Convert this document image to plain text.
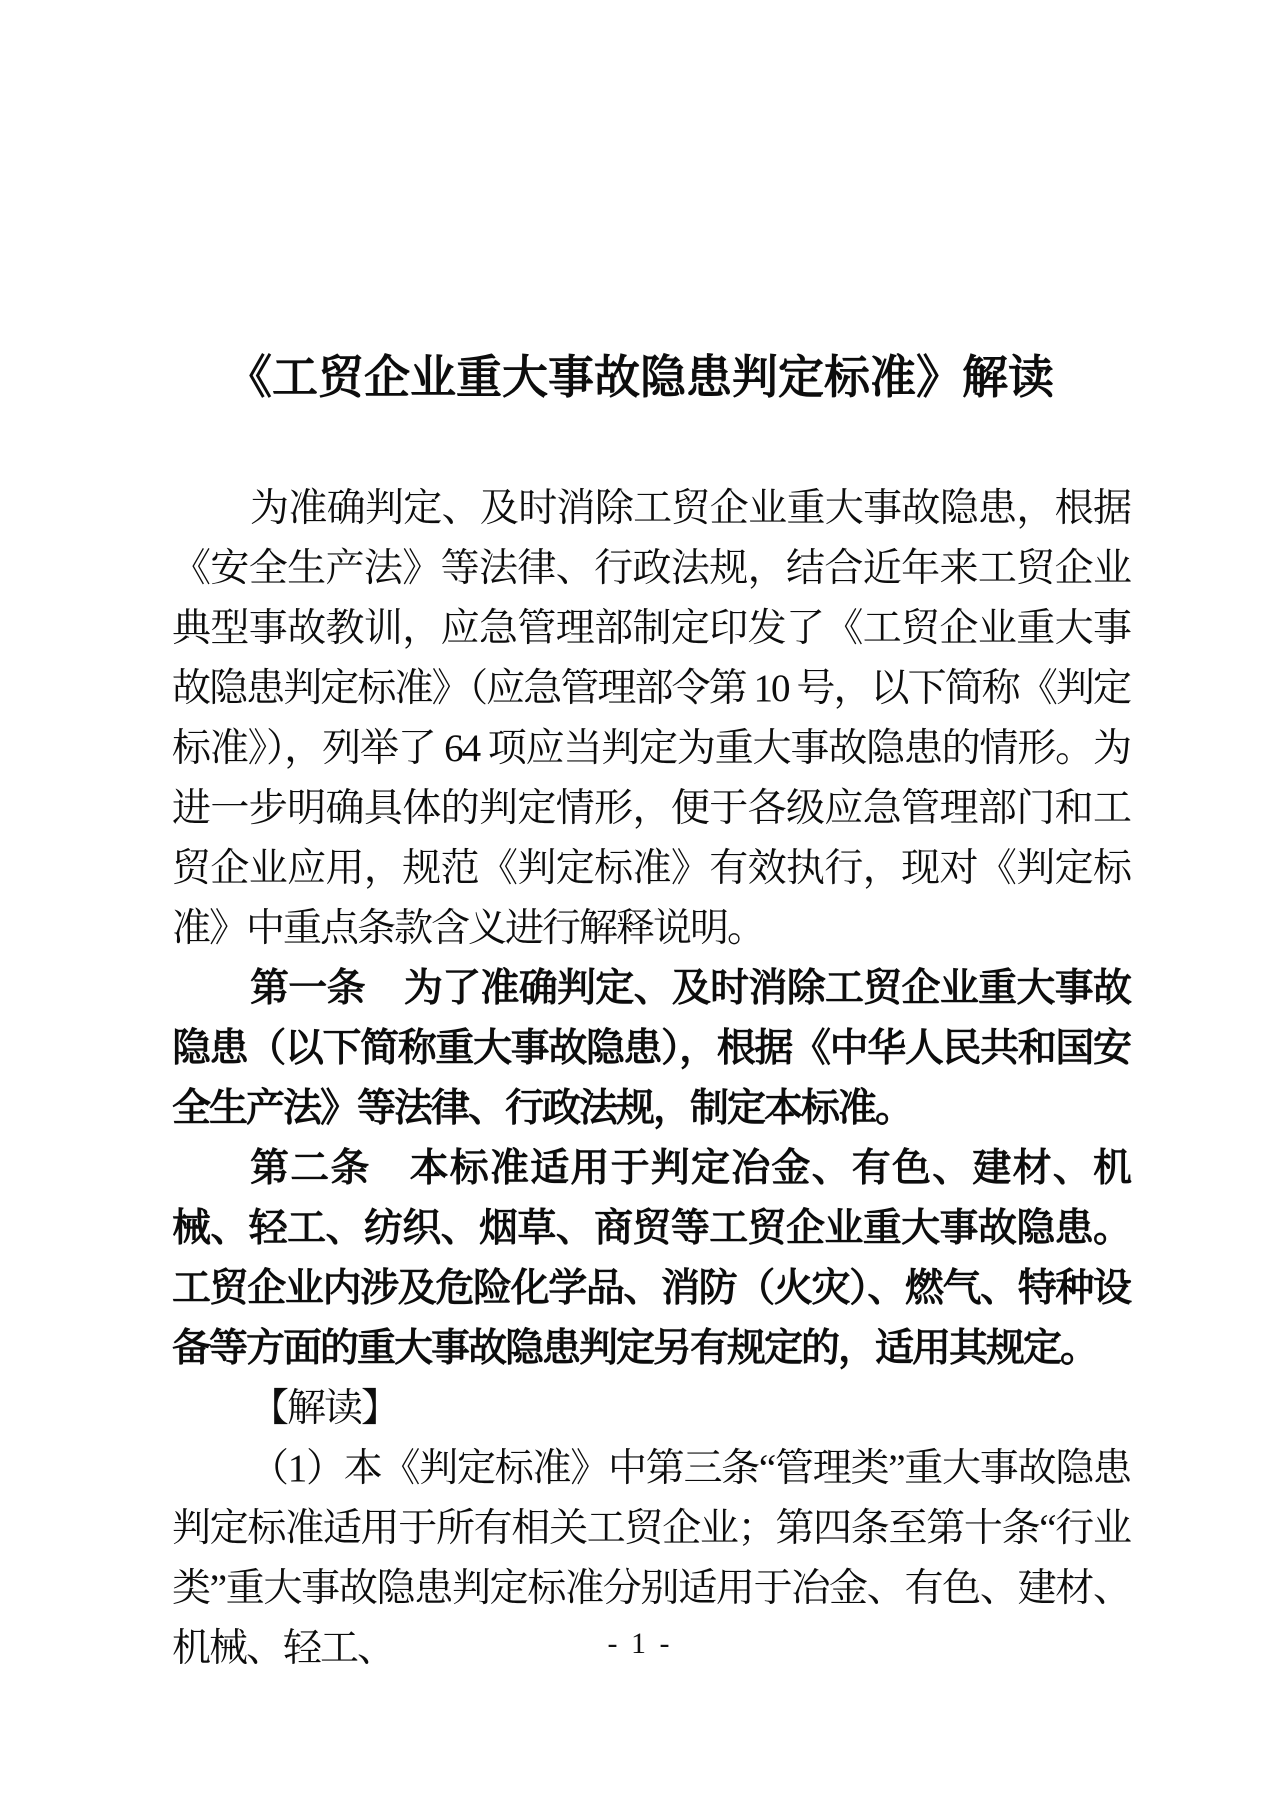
《工贸企业重大事故隐患判定标准》解读

为准确判定、及时消除工贸企业重大事故隐患，根据《安全生产法》等法律、行政法规，结合近年来工贸企业典型事故教训，应急管理部制定印发了《工贸企业重大事故隐患判定标准》（应急管理部令第 10 号，以下简称《判定标准》），列举了 64 项应当判定为重大事故隐患的情形。为进一步明确具体的判定情形，便于各级应急管理部门和工贸企业应用，规范《判定标准》有效执行，现对《判定标准》中重点条款含义进行解释说明。

第一条 为了准确判定、及时消除工贸企业重大事故隐患（以下简称重大事故隐患），根据《中华人民共和国安全生产法》等法律、行政法规，制定本标准。

第二条 本标准适用于判定冶金、有色、建材、机械、轻工、纺织、烟草、商贸等工贸企业重大事故隐患。工贸企业内涉及危险化学品、消防（火灾）、燃气、特种设备等方面的重大事故隐患判定另有规定的，适用其规定。

【解读】

（1）本《判定标准》中第三条“管理类”重大事故隐患判定标准适用于所有相关工贸企业；第四条至第十条“行业类”重大事故隐患判定标准分别适用于冶金、有色、建材、机械、轻工、	- 1 -
